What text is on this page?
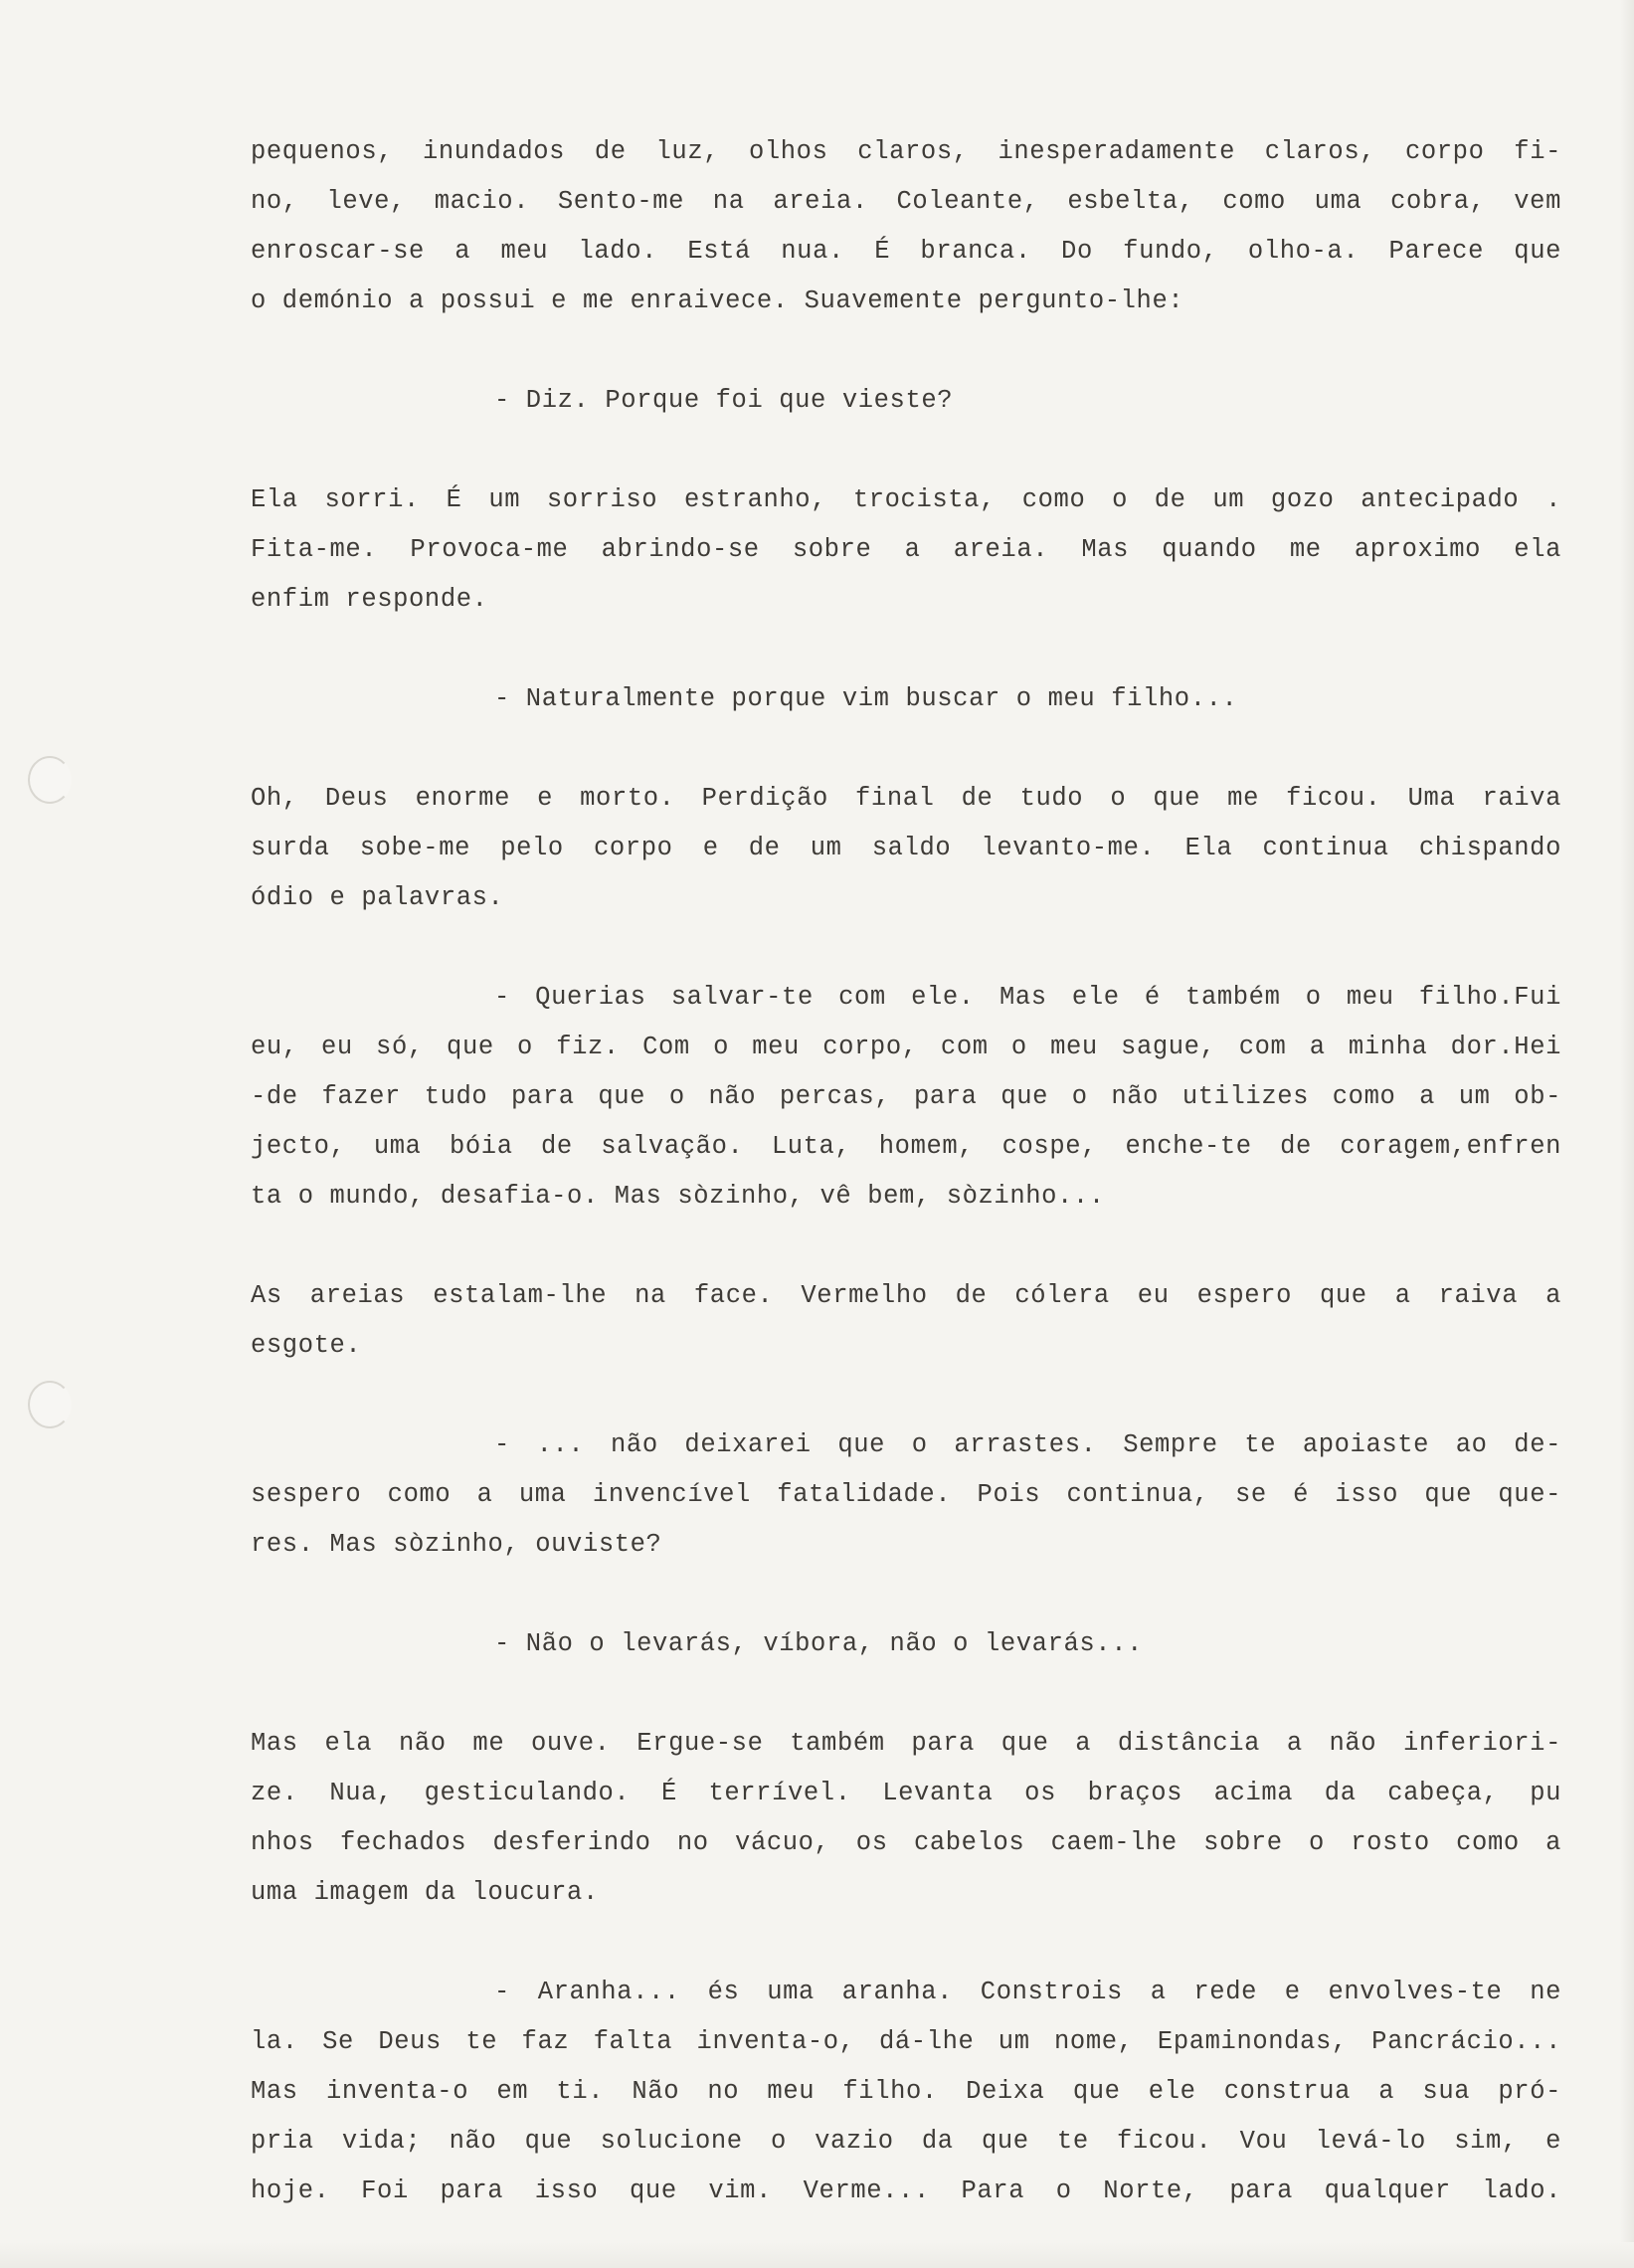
pequenos, inundados de luz, olhos claros, inesperadamente claros, corpo fi-
no, leve, macio. Sento-me na areia. Coleante, esbelta, como uma cobra, vem
enroscar-se a meu lado. Está nua. É branca. Do fundo, olho-a. Parece que
o demónio a possui e me enraivece. Suavemente pergunto-lhe:
- Diz. Porque foi que vieste?
Ela sorri. É um sorriso estranho, trocista, como o de um gozo antecipado .
Fita-me. Provoca-me abrindo-se sobre a areia. Mas quando me aproximo ela
enfim responde.
- Naturalmente porque vim buscar o meu filho...
Oh, Deus enorme e morto. Perdição final de tudo o que me ficou. Uma raiva
surda sobe-me pelo corpo e de um saldo levanto-me. Ela continua chispando
ódio e palavras.
- Querias salvar-te com ele. Mas ele é também o meu filho.Fui
eu, eu só, que o fiz. Com o meu corpo, com o meu sague, com a minha dor.Hei
-de fazer tudo para que o não percas, para que o não utilizes como a um ob-
jecto, uma bóia de salvação. Luta, homem, cospe, enche-te de coragem,enfren
ta o mundo, desafia-o. Mas sòzinho, vê bem, sòzinho...
As areias estalam-lhe na face. Vermelho de cólera eu espero que a raiva a
esgote.
- ... não deixarei que o arrastes. Sempre te apoiaste ao de-
sespero como a uma invencível fatalidade. Pois continua, se é isso que que-
res. Mas sòzinho, ouviste?
- Não o levarás, víbora, não o levarás...
Mas ela não me ouve. Ergue-se também para que a distância a não inferiori-
ze. Nua, gesticulando. É terrível. Levanta os braços acima da cabeça, pu
nhos fechados desferindo no vácuo, os cabelos caem-lhe sobre o rosto como a
uma imagem da loucura.
- Aranha... és uma aranha. Constrois a rede e envolves-te ne
la. Se Deus te faz falta inventa-o, dá-lhe um nome, Epaminondas, Pancrácio...
Mas inventa-o em ti. Não no meu filho. Deixa que ele construa a sua pró-
pria vida; não que solucione o vazio da que te ficou. Vou levá-lo sim, e
hoje. Foi para isso que vim. Verme... Para o Norte, para qualquer lado.
